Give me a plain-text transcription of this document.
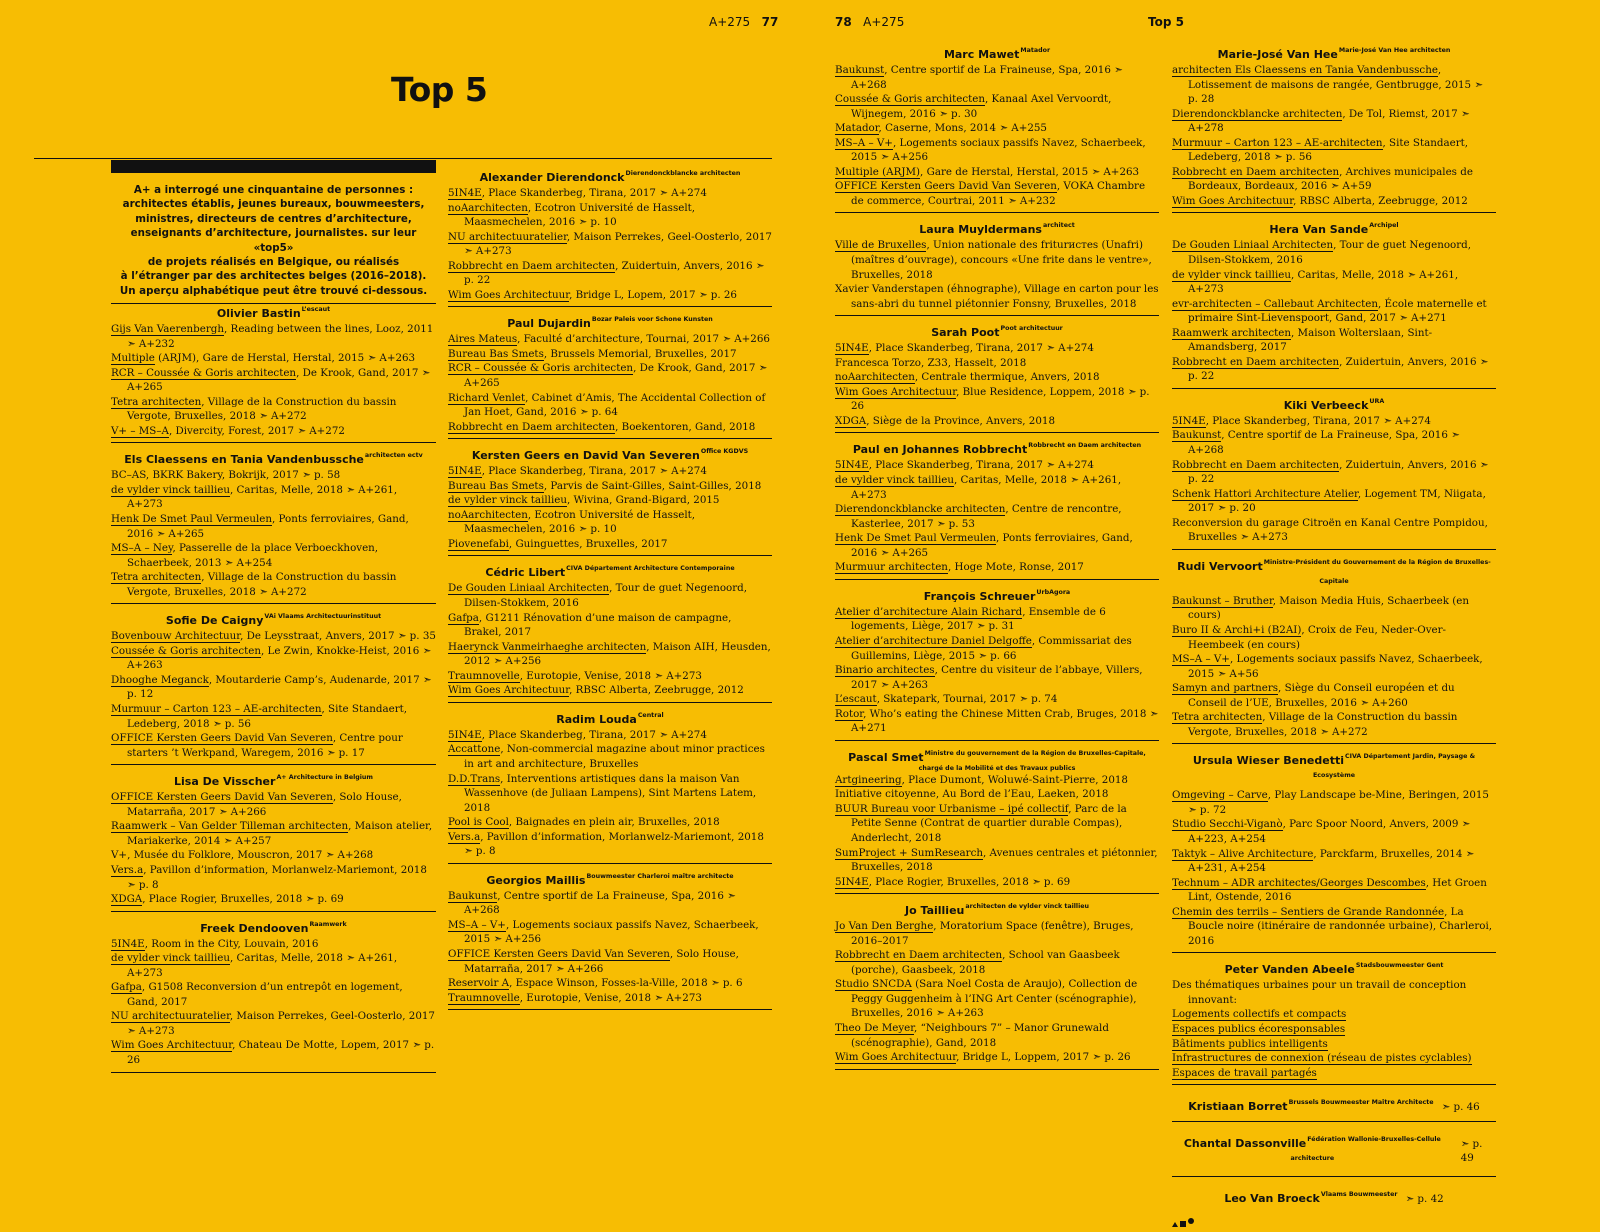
A+275 77	78 A+275	Top 5
Top 5
A+ a interrogé une cinquantaine de personnes :
architectes établis, jeunes bureaux, bouwmeesters,
ministres, directeurs de centres d’architecture,
enseignants d’architecture, journalistes. sur leur «top5»
de projets réalisés en Belgique, ou réalisés
à l’étranger par des architectes belges (2016–2018).
Un aperçu alphabétique peut être trouvé ci-dessous.
Olivier Bastin$^{L’escaut}$
Gijs Van Vaerenbergh, Reading between the lines, Looz, 2011 ➣ A+232
Multiple (ARJM), Gare de Herstal, Herstal, 2015 ➣ A+263
RCR – Coussée & Goris architecten, De Krook, Gand, 2017 ➣ A+265
Tetra architecten, Village de la Construction du bassin Vergote, Bruxelles, 2018 ➣ A+272
V+ – MS–A, Divercity, Forest, 2017 ➣ A+272
Els Claessens en Tania Vandenbussche$^{architecten ectv}$
BC–AS, BKRK Bakery, Bokrijk, 2017 ➣ p. 58
de vylder vinck taillieu, Caritas, Melle, 2018 ➣ A+261, A+273
Henk De Smet Paul Vermeulen, Ponts ferroviaires, Gand, 2016 ➣ A+265
MS–A – Ney, Passerelle de la place Verboeckhoven, Schaerbeek, 2013 ➣ A+254
Tetra architecten, Village de la Construction du bassin Vergote, Bruxelles, 2018 ➣ A+272
Sofie De Caigny$^{VAi Vlaams Architectuurinstituut}$
Bovenbouw Architectuur, De Leysstraat, Anvers, 2017 ➣ p. 35
Coussée & Goris architecten, Le Zwin, Knokke-Heist, 2016 ➣ A+263
Dhooghe Meganck, Moutarderie Camp’s, Audenarde, 2017 ➣ p. 12
Murmuur – Carton 123 – AE-architecten, Site Standaert, Ledeberg, 2018 ➣ p. 56
OFFICE Kersten Geers David Van Severen, Centre pour starters ’t Werkpand, Waregem, 2016 ➣ p. 17
Lisa De Visscher$^{A+ Architecture in Belgium}$
OFFICE Kersten Geers David Van Severen, Solo House, Matarraña, 2017 ➣ A+266
Raamwerk – Van Gelder Tilleman architecten, Maison atelier, Mariakerke, 2014 ➣ A+257
V+, Musée du Folklore, Mouscron, 2017 ➣ A+268
Vers.a, Pavillon d’information, Morlanwelz-Mariemont, 2018 ➣ p. 8
XDGA, Place Rogier, Bruxelles, 2018 ➣ p. 69
Freek Dendooven$^{Raamwerk}$
5IN4E, Room in the City, Louvain, 2016
de vylder vinck taillieu, Caritas, Melle, 2018 ➣ A+261, A+273
Gafpa, G1508 Reconversion d’un entrepôt en logement, Gand, 2017
NU architectuuratelier, Maison Perrekes, Geel-Oosterlo, 2017 ➣ A+273
Wim Goes Architectuur, Chateau De Motte, Lopem, 2017 ➣ p. 26
Alexander Dierendonck$^{Dierendonckblancke architecten}$
5IN4E, Place Skanderbeg, Tirana, 2017 ➣ A+274
noAarchitecten, Ecotron Université de Hasselt, Maasmechelen, 2016 ➣ p. 10
NU architectuuratelier, Maison Perrekes, Geel-Oosterlo, 2017 ➣ A+273
Robbrecht en Daem architecten, Zuidertuin, Anvers, 2016 ➣ p. 22
Wim Goes Architectuur, Bridge L, Lopem, 2017 ➣ p. 26
Paul Dujardin$^{Bozar Paleis voor Schone Kunsten}$
Aires Mateus, Faculté d’architecture, Tournai, 2017 ➣ A+266
Bureau Bas Smets, Brussels Memorial, Bruxelles, 2017
RCR – Coussée & Goris architecten, De Krook, Gand, 2017 ➣ A+265
Richard Venlet, Cabinet d’Amis, The Accidental Collection of Jan Hoet, Gand, 2016 ➣ p. 64
Robbrecht en Daem architecten, Boekentoren, Gand, 2018
Kersten Geers en David Van Severen$^{Office KGDVS}$
5IN4E, Place Skanderbeg, Tirana, 2017 ➣ A+274
Bureau Bas Smets, Parvis de Saint-Gilles, Saint-Gilles, 2018
de vylder vinck taillieu, Wivina, Grand-Bigard, 2015
noAarchitecten, Ecotron Université de Hasselt, Maasmechelen, 2016 ➣ p. 10
Piovenefabi, Guinguettes, Bruxelles, 2017
Cédric Libert$^{CIVA Département Architecture Contemporaine}$
De Gouden Liniaal Architecten, Tour de guet Negenoord, Dilsen-Stokkem, 2016
Gafpa, G1211 Rénovation d’une maison de campagne, Brakel, 2017
Haerynck Vanmeirhaeghe architecten, Maison AIH, Heusden, 2012 ➣ A+256
Traumnovelle, Eurotopie, Venise, 2018 ➣ A+273
Wim Goes Architectuur, RBSC Alberta, Zeebrugge, 2012
Radim Louda$^{Central}$
5IN4E, Place Skanderbeg, Tirana, 2017 ➣ A+274
Accattone, Non-commercial magazine about minor practices in art and architecture, Bruxelles
D.D.Trans, Interventions artistiques dans la maison Van Wassenhove (de Juliaan Lampens), Sint Martens Latem, 2018
Pool is Cool, Baignades en plein air, Bruxelles, 2018
Vers.a, Pavillon d’information, Morlanwelz-Mariemont, 2018 ➣ p. 8
Georgios Maillis$^{Bouwmeester Charleroi maître architecte}$
Baukunst, Centre sportif de La Fraineuse, Spa, 2016 ➣ A+268
MS–A – V+, Logements sociaux passifs Navez, Schaerbeek, 2015 ➣ A+256
OFFICE Kersten Geers David Van Severen, Solo House, Matarraña, 2017 ➣ A+266
Reservoir A, Espace Winson, Fosses-la-Ville, 2018 ➣ p. 6
Traumnovelle, Eurotopie, Venise, 2018 ➣ A+273
Marc Mawet$^{Matador}$
Baukunst, Centre sportif de La Fraineuse, Spa, 2016 ➣ A+268
Coussée & Goris architecten, Kanaal Axel Vervoordt, Wijnegem, 2016 ➣ p. 30
Matador, Caserne, Mons, 2014 ➣ A+255
MS–A – V+, Logements sociaux passifs Navez, Schaerbeek, 2015 ➣ A+256
Multiple (ARJM), Gare de Herstal, Herstal, 2015 ➣ A+263
OFFICE Kersten Geers David Van Severen, VOKA Chambre de commerce, Courtrai, 2011 ➣ A+232
Laura Muyldermans$^{architect}$
Ville de Bruxelles, Union nationale des friturистes (Unafri) (maîtres d’ouvrage), concours «Une frite dans le ventre», Bruxelles, 2018
Xavier Vanderstapen (éhnographe), Village en carton pour les sans-abri du tunnel piétonnier Fonsny, Bruxelles, 2018
Sarah Poot$^{Poot architectuur}$
5IN4E, Place Skanderbeg, Tirana, 2017 ➣ A+274
Francesca Torzo, Z33, Hasselt, 2018
noAarchitecten, Centrale thermique, Anvers, 2018
Wim Goes Architectuur, Blue Residence, Loppem, 2018 ➣ p. 26
XDGA, Siège de la Province, Anvers, 2018
Paul en Johannes Robbrecht$^{Robbrecht en Daem architecten}$
5IN4E, Place Skanderbeg, Tirana, 2017 ➣ A+274
de vylder vinck taillieu, Caritas, Melle, 2018 ➣ A+261, A+273
Dierendonckblancke architecten, Centre de rencontre, Kasterlee, 2017 ➣ p. 53
Henk De Smet Paul Vermeulen, Ponts ferroviaires, Gand, 2016 ➣ A+265
Murmuur architecten, Hoge Mote, Ronse, 2017
François Schreuer$^{UrbAgora}$
Atelier d’architecture Alain Richard, Ensemble de 6 logements, Liège, 2017 ➣ p. 31
Atelier d’architecture Daniel Delgoffe, Commissariat des Guillemins, Liège, 2015 ➣ p. 66
Binario architectes, Centre du visiteur de l’abbaye, Villers, 2017 ➣ A+263
L’escaut, Skatepark, Tournai, 2017 ➣ p. 74
Rotor, Who’s eating the Chinese Mitten Crab, Bruges, 2018 ➣ A+271
Pascal Smet$^{Ministre du gouvernement de la Région de Bruxelles-Capitale,}$
chargé de la Mobilité et des Travaux publics
Artgineering, Place Dumont, Woluwé-Saint-Pierre, 2018
Initiative citoyenne, Au Bord de l’Eau, Laeken, 2018
BUUR Bureau voor Urbanisme – ipé collectif, Parc de la Petite Senne (Contrat de quartier durable Compas), Anderlecht, 2018
SumProject + SumResearch, Avenues centrales et piétonnier, Bruxelles, 2018
5IN4E, Place Rogier, Bruxelles, 2018 ➣ p. 69
Jo Taillieu$^{architecten de vylder vinck taillieu}$
Jo Van Den Berghe, Moratorium Space (fenêtre), Bruges, 2016–2017
Robbrecht en Daem architecten, School van Gaasbeek (porche), Gaasbeek, 2018
Studio SNCDA (Sara Noel Costa de Araujo), Collection de Peggy Guggenheim à l’ING Art Center (scénographie), Bruxelles, 2016 ➣ A+263
Theo De Meyer, “Neighbours 7” – Manor Grunewald (scénographie), Gand, 2018
Wim Goes Architectuur, Bridge L, Loppem, 2017 ➣ p. 26
Marie-José Van Hee$^{Marie-José Van Hee architecten}$
architecten Els Claessens en Tania Vandenbussche, Lotissement de maisons de rangée, Gentbrugge, 2015 ➣ p. 28
Dierendonckblancke architecten, De Tol, Riemst, 2017 ➣ A+278
Murmuur – Carton 123 – AE-architecten, Site Standaert, Ledeberg, 2018 ➣ p. 56
Robbrecht en Daem architecten, Archives municipales de Bordeaux, Bordeaux, 2016 ➣ A+59
Wim Goes Architectuur, RBSC Alberta, Zeebrugge, 2012
Hera Van Sande$^{Archipel}$
De Gouden Liniaal Architecten, Tour de guet Negenoord, Dilsen-Stokkem, 2016
de vylder vinck taillieu, Caritas, Melle, 2018 ➣ A+261, A+273
evr-architecten – Callebaut Architecten, École maternelle et primaire Sint-Lievenspoort, Gand, 2017 ➣ A+271
Raamwerk architecten, Maison Wolterslaan, Sint-Amandsberg, 2017
Robbrecht en Daem architecten, Zuidertuin, Anvers, 2016 ➣ p. 22
Kiki Verbeeck$^{URA}$
5IN4E, Place Skanderbeg, Tirana, 2017 ➣ A+274
Baukunst, Centre sportif de La Fraineuse, Spa, 2016 ➣ A+268
Robbrecht en Daem architecten, Zuidertuin, Anvers, 2016 ➣ p. 22
Schenk Hattori Architecture Atelier, Logement TM, Niigata, 2017 ➣ p. 20
Reconversion du garage Citroën en Kanal Centre Pompidou, Bruxelles ➣ A+273
Rudi Vervoort$^{Ministre-Président du Gouvernement de la Région de Bruxelles-Capitale}$
Baukunst – Bruther, Maison Media Huis, Schaerbeek (en cours)
Buro II & Archi+i (B2AI), Croix de Feu, Neder-Over-Heembeek (en cours)
MS–A – V+, Logements sociaux passifs Navez, Schaerbeek, 2015 ➣ A+56
Samyn and partners, Siège du Conseil européen et du Conseil de l’UE, Bruxelles, 2016 ➣ A+260
Tetra architecten, Village de la Construction du bassin Vergote, Bruxelles, 2018 ➣ A+272
Ursula Wieser Benedetti$^{CIVA Département Jardin, Paysage \& Ecosystème}$
Omgeving – Carve, Play Landscape be-Mine, Beringen, 2015 ➣ p. 72
Studio Secchi-Viganò, Parc Spoor Noord, Anvers, 2009 ➣ A+223, A+254
Taktyk – Alive Architecture, Parckfarm, Bruxelles, 2014 ➣ A+231, A+254
Technum – ADR architectes/Georges Descombes, Het Groen Lint, Ostende, 2016
Chemin des terrils – Sentiers de Grande Randonnée, La Boucle noire (itinéraire de randonnée urbaine), Charleroi, 2016
Peter Vanden Abeele$^{Stadsbouwmeester Gent}$
Des thématiques urbaines pour un travail de conception innovant:
Logements collectifs et compacts
Espaces publics écoresponsables
Bâtiments publics intelligents
Infrastructures de connexion (réseau de pistes cyclables)
Espaces de travail partagés
Kristiaan Borret$^{Brussels Bouwmeester Maître Architecte}$ ➣ p. 46
Chantal Dassonville$^{Fédération Wallonie-Bruxelles-Cellule architecture}$
➣ p. 49
Leo Van Broeck$^{Vlaams Bouwmeester}$ ➣ p. 42
